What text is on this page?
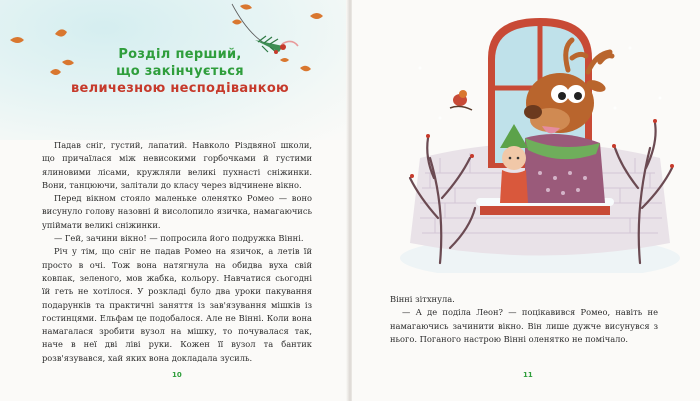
Розділ перший,
що закінчується
величезною несподіванкою

Падав сніг, густий, лапатий. Навколо Різдвяної школи, що причаїлася між невисокими горбочками й густими ялиновими лісами, кружляли великі пухнасті сніжинки. Вони, танцюючи, залітали до класу через відчинене вікно.

Перед вікном стояло маленьке оленятко Ромео — воно висунуло голову назовні й висолопило язичка, намагаючись упіймати великі сніжинки.

— Гей, зачини вікно! — попросила його подружка Вінні.

Річ у тім, що сніг не падав Ромео на язичок, а летів їй просто в очі. Тож вона натягнула на обидва вуха свій ковпак, зеленого, мов жабка, кольору. Навчатися сьогодні їй геть не хотілося. У розкладі було два уроки пакування подарунків та практичні заняття із зав'язування мішків із гостинцями. Ельфам це подобалося. Але не Вінні. Коли вона намагалася зробити вузол на мішку, то почувалася так, наче в неї дві ліві руки. Кожен її вузол та бантик розв'язувався, хай яких вона докладала зусиль.

10	11

Вінні зітхнула.

— А де поділа Леон? — поцікавився Ромео, навіть не намагаючись зачинити вікно. Він лише дужче висунувся з нього. Поганого настрою Вінні оленятко не помічало.
